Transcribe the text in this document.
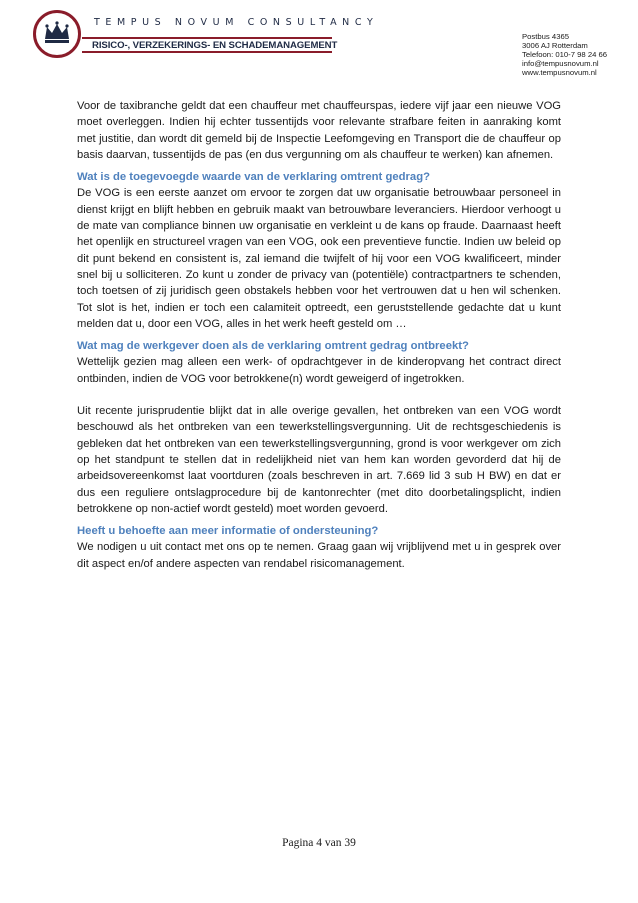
TEMPUS NOVUM CONSULTANCY
RISICO-, VERZEKERINGS- EN SCHADEMANAGEMENT
Postbus 4365
3006 AJ Rotterdam
Telefoon: 010-7 98 24 66
info@tempusnovum.nl
www.tempusnovum.nl

Voor de taxibranche geldt dat een chauffeur met chauffeurspas, iedere vijf jaar een nieuwe VOG moet overleggen. Indien hij echter tussentijds voor relevante strafbare feiten in aanraking komt met justitie, dan wordt dit gemeld bij de Inspectie Leefomgeving en Transport die de chauffeur op basis daarvan, tussentijds de pas (en dus vergunning om als chauffeur te werken) kan afnemen.

Wat is de toegevoegde waarde van de verklaring omtrent gedrag?

De VOG is een eerste aanzet om ervoor te zorgen dat uw organisatie betrouwbaar personeel in dienst krijgt en blijft hebben en gebruik maakt van betrouwbare leveranciers. Hierdoor verhoogt u de mate van compliance binnen uw organisatie en verkleint u de kans op fraude. Daarnaast heeft het openlijk en structureel vragen van een VOG, ook een preventieve functie. Indien uw beleid op dit punt bekend en consistent is, zal iemand die twijfelt of hij voor een VOG kwalificeert, minder snel bij u solliciteren. Zo kunt u zonder de privacy van (potentiële) contractpartners te schenden, toch toetsen of zij juridisch geen obstakels hebben voor het vertrouwen dat u hen wil schenken. Tot slot is het, indien er toch een calamiteit optreedt, een geruststellende gedachte dat u kunt melden dat u, door een VOG, alles in het werk heeft gesteld om …

Wat mag de werkgever doen als de verklaring omtrent gedrag ontbreekt?

Wettelijk gezien mag alleen een werk- of opdrachtgever in de kinderopvang het contract direct ontbinden, indien de VOG voor betrokkene(n) wordt geweigerd of ingetrokken.

Uit recente jurisprudentie blijkt dat in alle overige gevallen, het ontbreken van een VOG wordt beschouwd als het ontbreken van een tewerkstellingsvergunning. Uit de rechtsgeschiedenis is gebleken dat het ontbreken van een tewerkstellingsvergunning, grond is voor werkgever om zich op het standpunt te stellen dat in redelijkheid niet van hem kan worden gevorderd dat hij de arbeidsovereenkomst laat voortduren (zoals beschreven in art. 7.669 lid 3 sub H BW) en dat er dus een reguliere ontslagprocedure bij de kantonrechter (met dito doorbetalingsplicht, indien betrokkene op non-actief wordt gesteld) moet worden gevoerd.

Heeft u behoefte aan meer informatie of ondersteuning?

We nodigen u uit contact met ons op te nemen. Graag gaan wij vrijblijvend met u in gesprek over dit aspect en/of andere aspecten van rendabel risicomanagement.

Pagina 4 van 39
